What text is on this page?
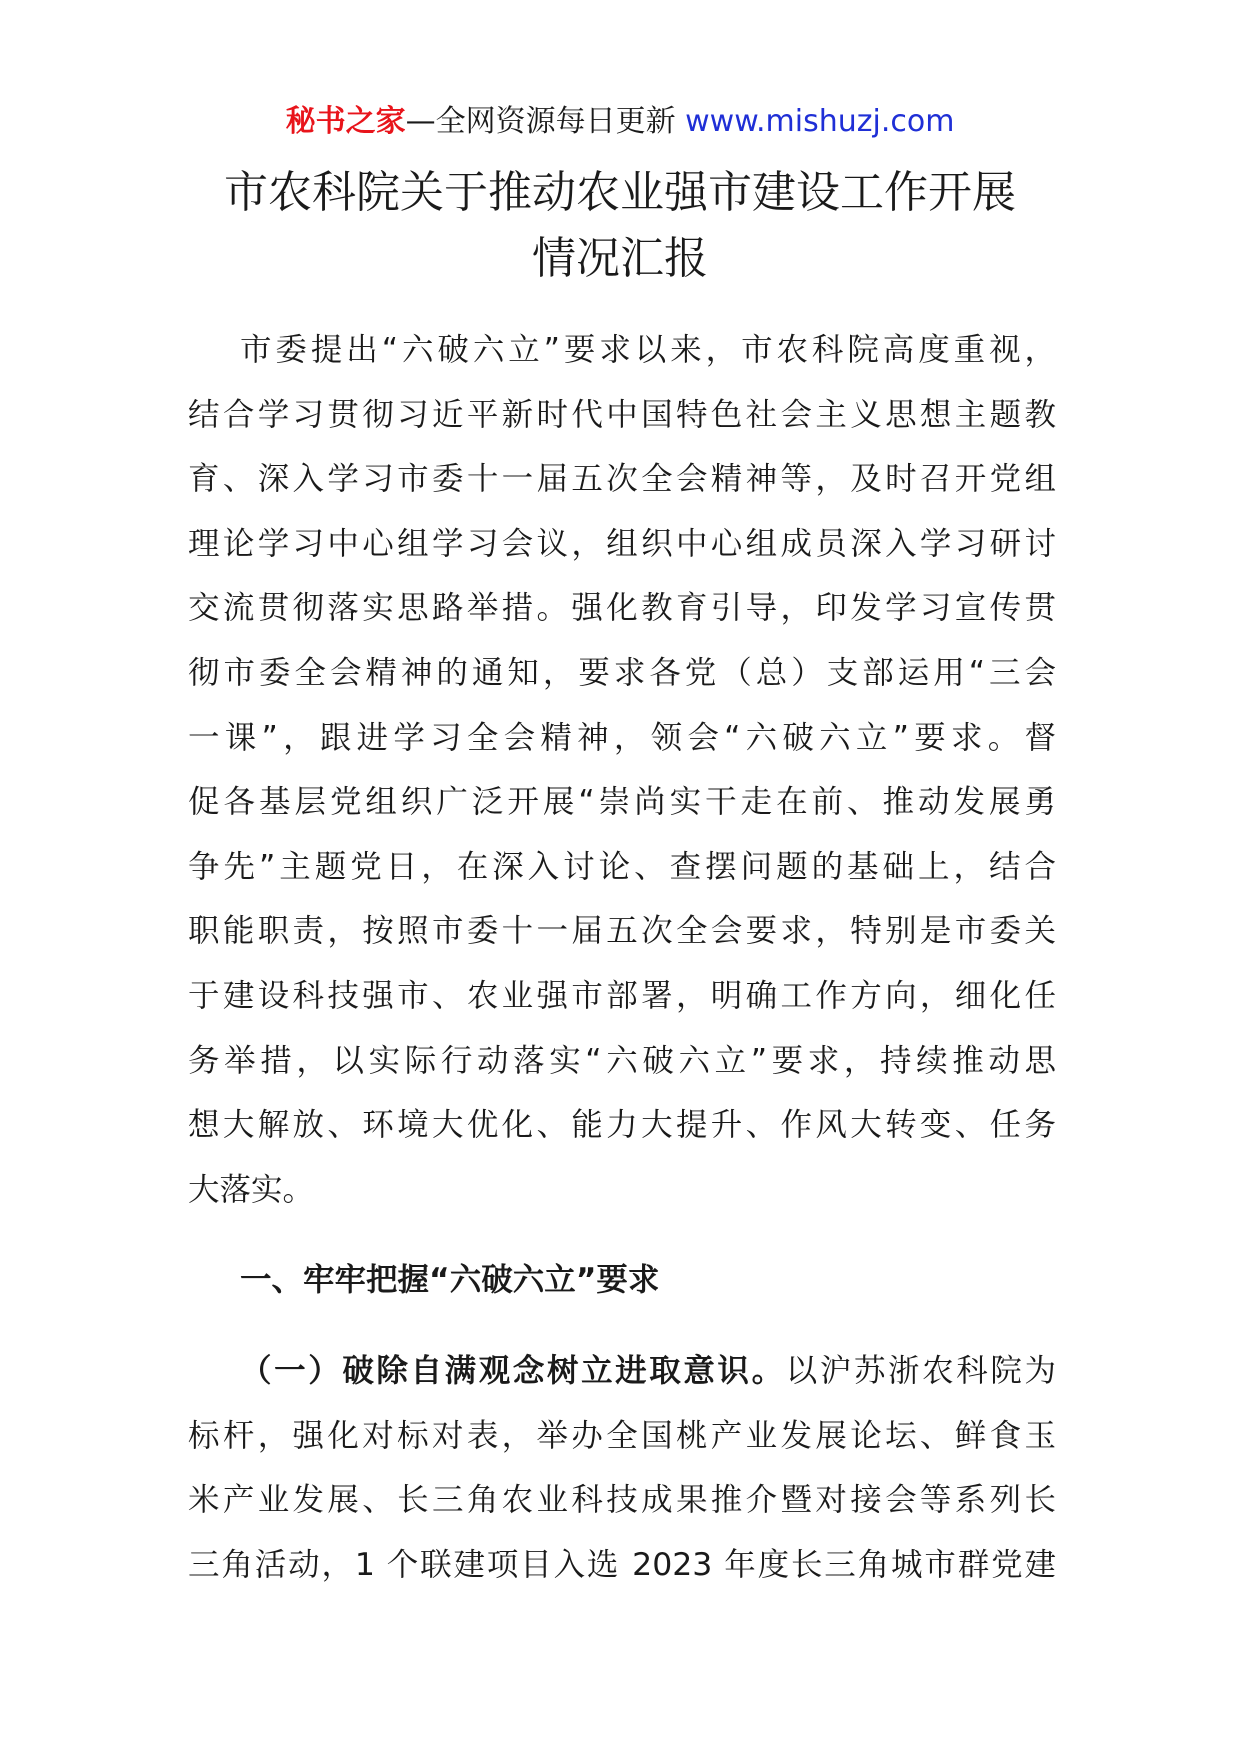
秘书之家—全网资源每日更新 www.mishuzj.com
市农科院关于推动农业强市建设工作开展
情况汇报
市委提出“六破六立”要求以来，市农科院高度重视，
结合学习贯彻习近平新时代中国特色社会主义思想主题教
育、深入学习市委十一届五次全会精神等，及时召开党组
理论学习中心组学习会议，组织中心组成员深入学习研讨
交流贯彻落实思路举措。强化教育引导，印发学习宣传贯
彻市委全会精神的通知，要求各党（总）支部运用“三会
一课”，跟进学习全会精神，领会“六破六立”要求。督
促各基层党组织广泛开展“崇尚实干走在前、推动发展勇
争先”主题党日，在深入讨论、查摆问题的基础上，结合
职能职责，按照市委十一届五次全会要求，特别是市委关
于建设科技强市、农业强市部署，明确工作方向，细化任
务举措，以实际行动落实“六破六立”要求，持续推动思
想大解放、环境大优化、能力大提升、作风大转变、任务
大落实。
一、牢牢把握“六破六立”要求
（一）破除自满观念树立进取意识。以沪苏浙农科院为
标杆，强化对标对表，举办全国桃产业发展论坛、鲜食玉
米产业发展、长三角农业科技成果推介暨对接会等系列长
三角活动，1 个联建项目入选 2023 年度长三角城市群党建
